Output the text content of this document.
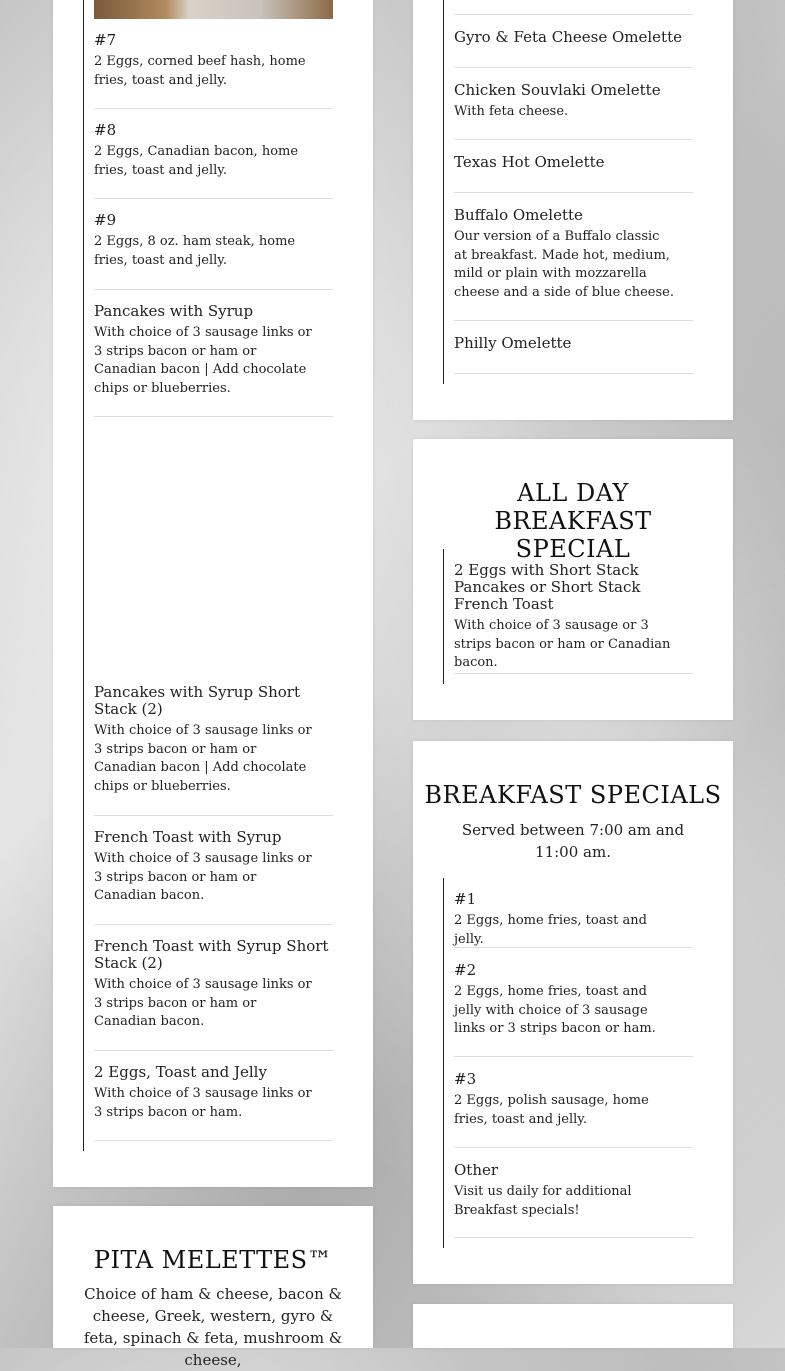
#7
2 Eggs, corned beef hash, home fries, toast and jelly.
#8
2 Eggs, Canadian bacon, home fries, toast and jelly.
#9
2 Eggs, 8 oz. ham steak, home fries, toast and jelly.
Pancakes with Syrup
With choice of 3 sausage links or 3 strips bacon or ham or Canadian bacon | Add chocolate chips or blueberries.
Pancakes with Syrup Short Stack (2)
With choice of 3 sausage links or 3 strips bacon or ham or Canadian bacon | Add chocolate chips or blueberries.
French Toast with Syrup
With choice of 3 sausage links or 3 strips bacon or ham or Canadian bacon.
French Toast with Syrup Short Stack (2)
With choice of 3 sausage links or 3 strips bacon or ham or Canadian bacon.
2 Eggs, Toast and Jelly
With choice of 3 sausage links or 3 strips bacon or ham.
PITA MELETTES™
Choice of ham & cheese, bacon & cheese, Greek, western, gyro & feta, spinach & feta, mushroom & cheese,
Gyro & Feta Cheese Omelette
Chicken Souvlaki Omelette
With feta cheese.
Texas Hot Omelette
Buffalo Omelette
Our version of a Buffalo classic at breakfast. Made hot, medium, mild or plain with mozzarella cheese and a side of blue cheese.
Philly Omelette
ALL DAY BREAKFAST SPECIAL
2 Eggs with Short Stack Pancakes or Short Stack French Toast
With choice of 3 sausage or 3 strips bacon or ham or Canadian bacon.
BREAKFAST SPECIALS
Served between 7:00 am and 11:00 am.
#1
2 Eggs, home fries, toast and jelly.
#2
2 Eggs, home fries, toast and jelly with choice of 3 sausage links or 3 strips bacon or ham.
#3
2 Eggs, polish sausage, home fries, toast and jelly.
Other
Visit us daily for additional Breakfast specials!
